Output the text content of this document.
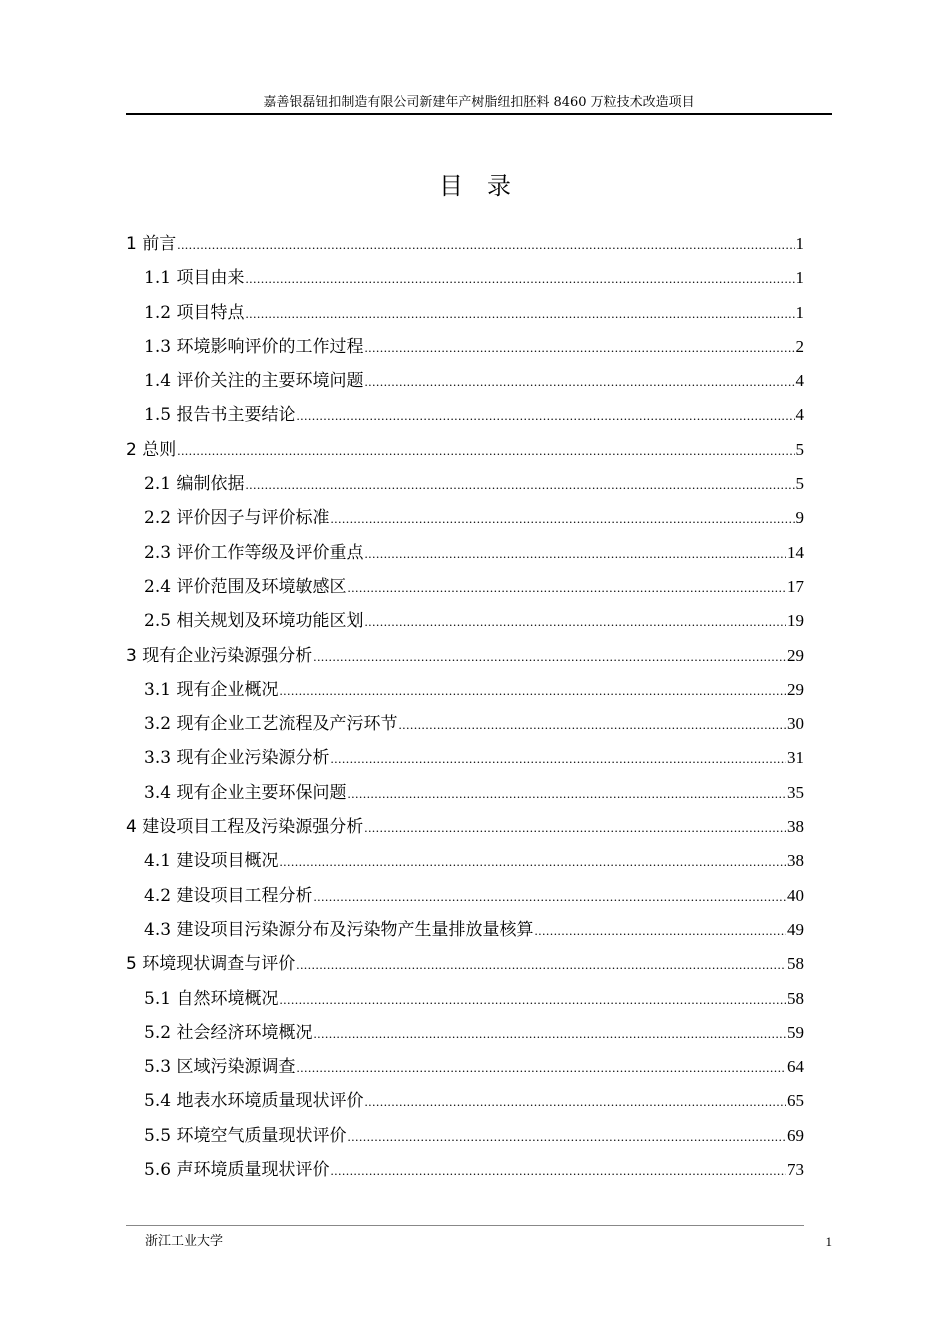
嘉善银磊钮扣制造有限公司新建年产树脂纽扣胚料 8460 万粒技术改造项目
目录
1 前言 .....	1
1.1 项目由来 .....	1
1.2 项目特点 .....	1
1.3 环境影响评价的工作过程 .....	2
1.4 评价关注的主要环境问题 .....	4
1.5 报告书主要结论 .....	4
2 总则 .....	5
2.1 编制依据 .....	5
2.2 评价因子与评价标准 .....	9
2.3 评价工作等级及评价重点 .....	14
2.4 评价范围及环境敏感区 .....	17
2.5 相关规划及环境功能区划 .....	19
3 现有企业污染源强分析 .....	29
3.1 现有企业概况 .....	29
3.2 现有企业工艺流程及产污环节 .....	30
3.3 现有企业污染源分析 .....	31
3.4 现有企业主要环保问题 .....	35
4 建设项目工程及污染源强分析 .....	38
4.1 建设项目概况 .....	38
4.2 建设项目工程分析 .....	40
4.3 建设项目污染源分布及污染物产生量排放量核算 .....	49
5 环境现状调查与评价 .....	58
5.1 自然环境概况 .....	58
5.2 社会经济环境概况 .....	59
5.3 区域污染源调查 .....	64
5.4 地表水环境质量现状评价 .....	65
5.5 环境空气质量现状评价 .....	69
5.6 声环境质量现状评价 .....	73
浙江工业大学	1
